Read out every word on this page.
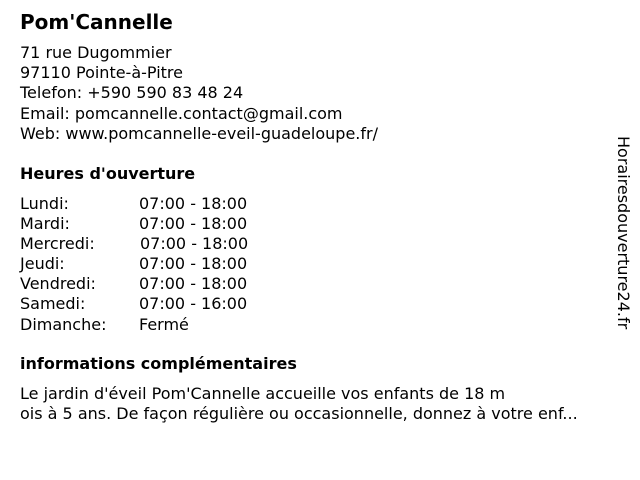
Pom'Cannelle
71 rue Dugommier
97110 Pointe-à-Pitre
Telefon: +590 590 83 48 24
Email: pomcannelle.contact@gmail.com
Web: www.pomcannelle-eveil-guadeloupe.fr/
Heures d'ouverture
Lundi:	07:00 - 18:00
Mardi:	07:00 - 18:00
Mercredi:	07:00 - 18:00
Jeudi:	07:00 - 18:00
Vendredi:	07:00 - 18:00
Samedi:	07:00 - 16:00
Dimanche: Fermé
informations complémentaires
Le jardin d'éveil Pom'Cannelle accueille vos enfants de 18 m
ois à 5 ans. De façon régulière ou occasionnelle, donnez à votre enf...
Horairesdouverture24.fr
